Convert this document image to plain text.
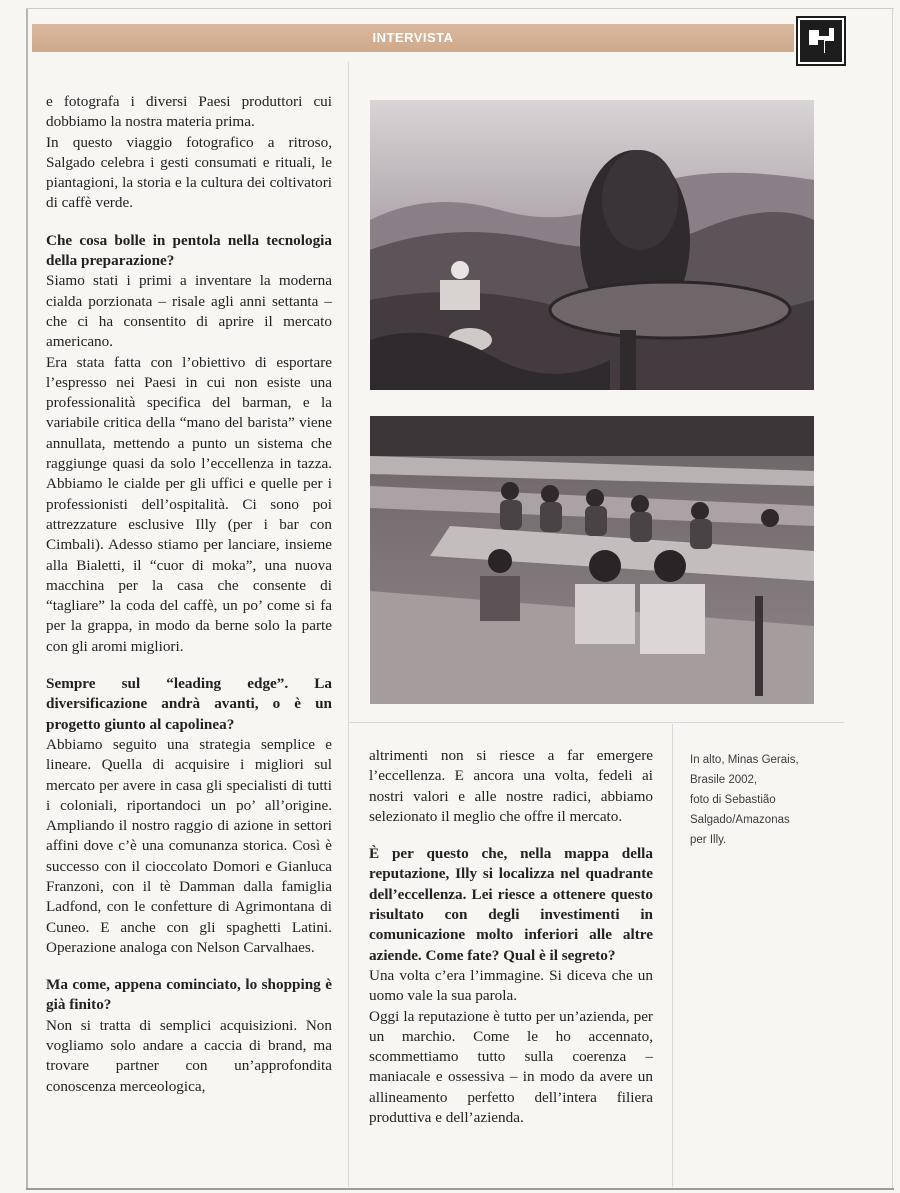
INTERVISTA

e fotografa i diversi Paesi produttori cui dobbiamo la nostra materia prima.

In questo viaggio fotografico a ritroso, Salgado celebra i gesti consumati e rituali, le piantagioni, la storia e la cultura dei coltivatori di caffè verde.

Che cosa bolle in pentola nella tecnologia della preparazione?

Siamo stati i primi a inventare la moderna cialda porzionata – risale agli anni settanta – che ci ha consentito di aprire il mercato americano.

Era stata fatta con l’obiettivo di esportare l’espresso nei Paesi in cui non esiste una professionalità specifica del barman, e la variabile critica della “mano del barista” viene annullata, mettendo a punto un sistema che raggiunge quasi da solo l’eccellenza in tazza. Abbiamo le cialde per gli uffici e quelle per i professionisti dell’ospitalità. Ci sono poi attrezzature esclusive Illy (per i bar con Cimbali). Adesso stiamo per lanciare, insieme alla Bialetti, il “cuor di moka”, una nuova macchina per la casa che consente di “tagliare” la coda del caffè, un po’ come si fa per la grappa, in modo da berne solo la parte con gli aromi migliori.

Sempre sul “leading edge”. La diversificazione andrà avanti, o è un progetto giunto al capolinea?

Abbiamo seguito una strategia semplice e lineare. Quella di acquisire i migliori sul mercato per avere in casa gli specialisti di tutti i coloniali, riportandoci un po’ all’origine. Ampliando il nostro raggio di azione in settori affini dove c’è una comunanza storica. Così è successo con il cioccolato Domori e Gianluca Franzoni, con il tè Damman dalla famiglia Ladfond, con le confetture di Agrimontana di Cuneo. E anche con gli spaghetti Latini. Operazione analoga con Nelson Carvalhaes.

Ma come, appena cominciato, lo shopping è già finito?

Non si tratta di semplici acquisizioni. Non vogliamo solo andare a caccia di brand, ma trovare partner con un’approfondita conoscenza merceologica,

altrimenti non si riesce a far emergere l’eccellenza. E ancora una volta, fedeli ai nostri valori e alle nostre radici, abbiamo selezionato il meglio che offre il mercato.

È per questo che, nella mappa della reputazione, Illy si localizza nel quadrante dell’eccellenza. Lei riesce a ottenere questo risultato con degli investimenti in comunicazione molto inferiori alle altre aziende. Come fate? Qual è il segreto?

Una volta c’era l’immagine. Si diceva che un uomo vale la sua parola.

Oggi la reputazione è tutto per un’azienda, per un marchio. Come le ho accennato, scommettiamo tutto sulla coerenza – maniacale e ossessiva – in modo da avere un allineamento perfetto dell’intera filiera produttiva e dell’azienda.

In alto, Minas Gerais,
Brasile 2002,
foto di Sebastião
Salgado/Amazonas
per Illy.
